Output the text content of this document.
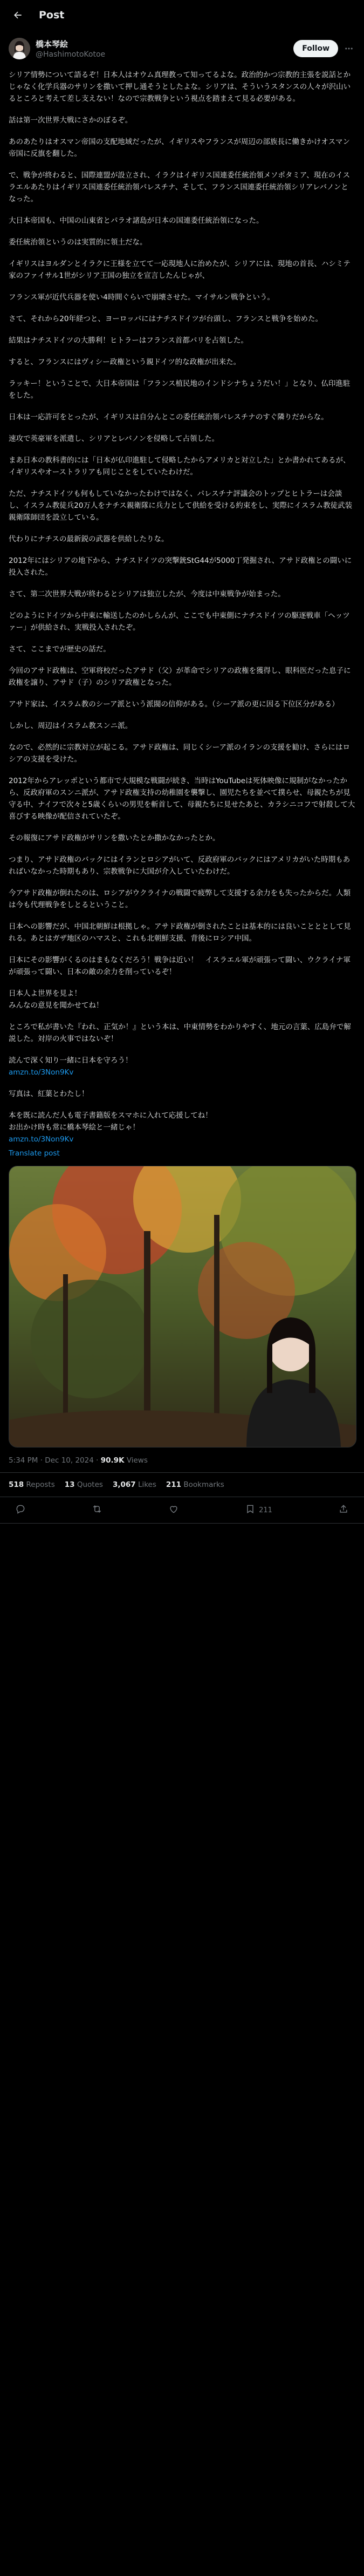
Post
橋本琴絵
@HashimotoKotoe
Follow

シリア情勢について語るぞ！日本人はオウム真理教って知ってるよな。政治的かつ宗教的主張を説話とかじゃなく化学兵器のサリンを撒いて押し通そうとしたよな。シリアは、そういうスタンスの人々が沢山いるところと考えて差し支えない！なので宗教戦争という視点を踏まえて見る必要がある。

話は第一次世界大戦にさかのぼるぞ。

あのあたりはオスマン帝国の支配地域だったが、イギリスやフランスが周辺の部族長に働きかけオスマン帝国に反旗を翻した。

で、戦争が終わると、国際連盟が設立され、イラクはイギリス国連委任統治領メソポタミア、現在のイスラエルあたりはイギリス国連委任統治領パレスチナ、そして、フランス国連委任統治領シリアレバノンとなった。

大日本帝国も、中国の山東省とパラオ諸島が日本の国連委任統治領になった。

委任統治領というのは実質的に領土だな。

イギリスはヨルダンとイラクに王様を立てて一応現地人に治めたが、シリアには、現地の首長、ハシミテ家のファイサル1世がシリア王国の独立を宣言したんじゃが、

フランス軍が近代兵器を使い4時間ぐらいで崩壊させた。マイサルン戦争という。

さて、それから20年経つと、ヨーロッパにはナチスドイツが台頭し、フランスと戦争を始めた。

結果はナチスドイツの大勝利！ヒトラーはフランス首都パリを占領した。

すると、フランスにはヴィシー政権という親ドイツ的な政権が出来た。

ラッキー！ということで、大日本帝国は「フランス植民地のインドシナちょうだい！」となり、仏印進駐をした。

日本は一応許可をとったが、イギリスは自分んとこの委任統治領パレスチナのすぐ隣りだからな。

速攻で英豪軍を派遣し、シリアとレバノンを侵略して占領した。

まあ日本の教科書的には「日本が仏印進駐して侵略したからアメリカと対立した」とか書かれてあるが、イギリスやオーストラリアも同じことをしていたわけだ。

ただ、ナチスドイツも何もしていなかったわけではなく、パレスチナ評議会のトップとヒトラーは会談し、イスラム教徒兵20万人をナチス親衛隊に兵力として供給を受ける約束をし、実際にイスラム教徒武装親衛隊師団を設立している。

代わりにナチスの最新鋭の武器を供給したりな。

2012年にはシリアの地下から、ナチスドイツの突撃銃StG44が5000丁発掘され、アサド政権との闘いに投入された。

さて、第二次世界大戦が終わるとシリアは独立したが、今度は中東戦争が始まった。

どのようにドイツから中東に輸送したのかしらんが、ここでも中東側にナチスドイツの駆逐戦車「ヘッツァー」が供給され、実戦投入されたぞ。

さて、ここまでが歴史の話だ。

今回のアサド政権は、空軍将校だったアサド（父）が革命でシリアの政権を獲得し、眼科医だった息子に政権を譲り、アサド（子）のシリア政権となった。

アサド家は、イスラム教のシーア派という派閥の信仰がある。（シーア派の更に因る下位区分がある）

しかし、周辺はイスラム教スンニ派。

なので、必然的に宗教対立が起こる。アサド政権は、同じくシーア派のイランの支援を勧け、さらにはロシアの支援を受けた。

2012年からアレッポという都市で大規模な戦闘が続き、当時はYouTubeは死体映像に規制がなかったから、反政府軍のスンニ派が、アサド政権支持の幼稚園を襲撃し、園児たちを並べて撲らせ、母親たちが見守る中、ナイフで次々と5歳くらいの男児を斬首して、母親たちに見せたあと、カラシニコフで射殺して大喜びする映像が配信されていたぞ。

その報復にアサド政権がサリンを撒いたとか撒かなかったとか。

つまり、アサド政権のバックにはイランとロシアがいて、反政府軍のバックにはアメリカがいた時期もあればいなかった時期もあり、宗教戦争に大国が介入していたわけだ。

今アサド政権が倒れたのは、ロシアがウクライナの戦闘で疲弊して支援する余力をも失ったからだ。人類は今も代理戦争をしとるということ。

日本への影響だが、中国北朝鮮は根拠しゃ。アサド政権が倒されたことは基本的には良いことととして見れる。あとはガザ地区のハマスと、これも北朝鮮支援、背後にロシア中国。

日本にその影響がくるのはまもなくだろう！戦争は近い！　イスラエル軍が頑張って闘い、ウクライナ軍が頑張って闘い、日本の敵の余力を削っているぞ！

日本人よ世界を見よ！
みんなの意見を聞かせてね！

ところで私が書いた『われ、正気か！』という本は、中東情勢をわかりやすく、地元の言葉、広島弁で解説した。対岸の火事ではないぞ！

読んで深く知り一緒に日本を守ろう！

amzn.to/3Non9Kv

写真は、紅葉とわたし！

本を既に読んだ人も電子書籍版をスマホに入れて応援してね！
お出かけ時も常に橋本琴絵と一緒じゃ！

amzn.to/3Non9Kv
Translate post
5:34 PM · Dec 10, 2024 · 90.9K Views
518 Reposts 13 Quotes 3,067 Likes 211 Bookmarks
211
